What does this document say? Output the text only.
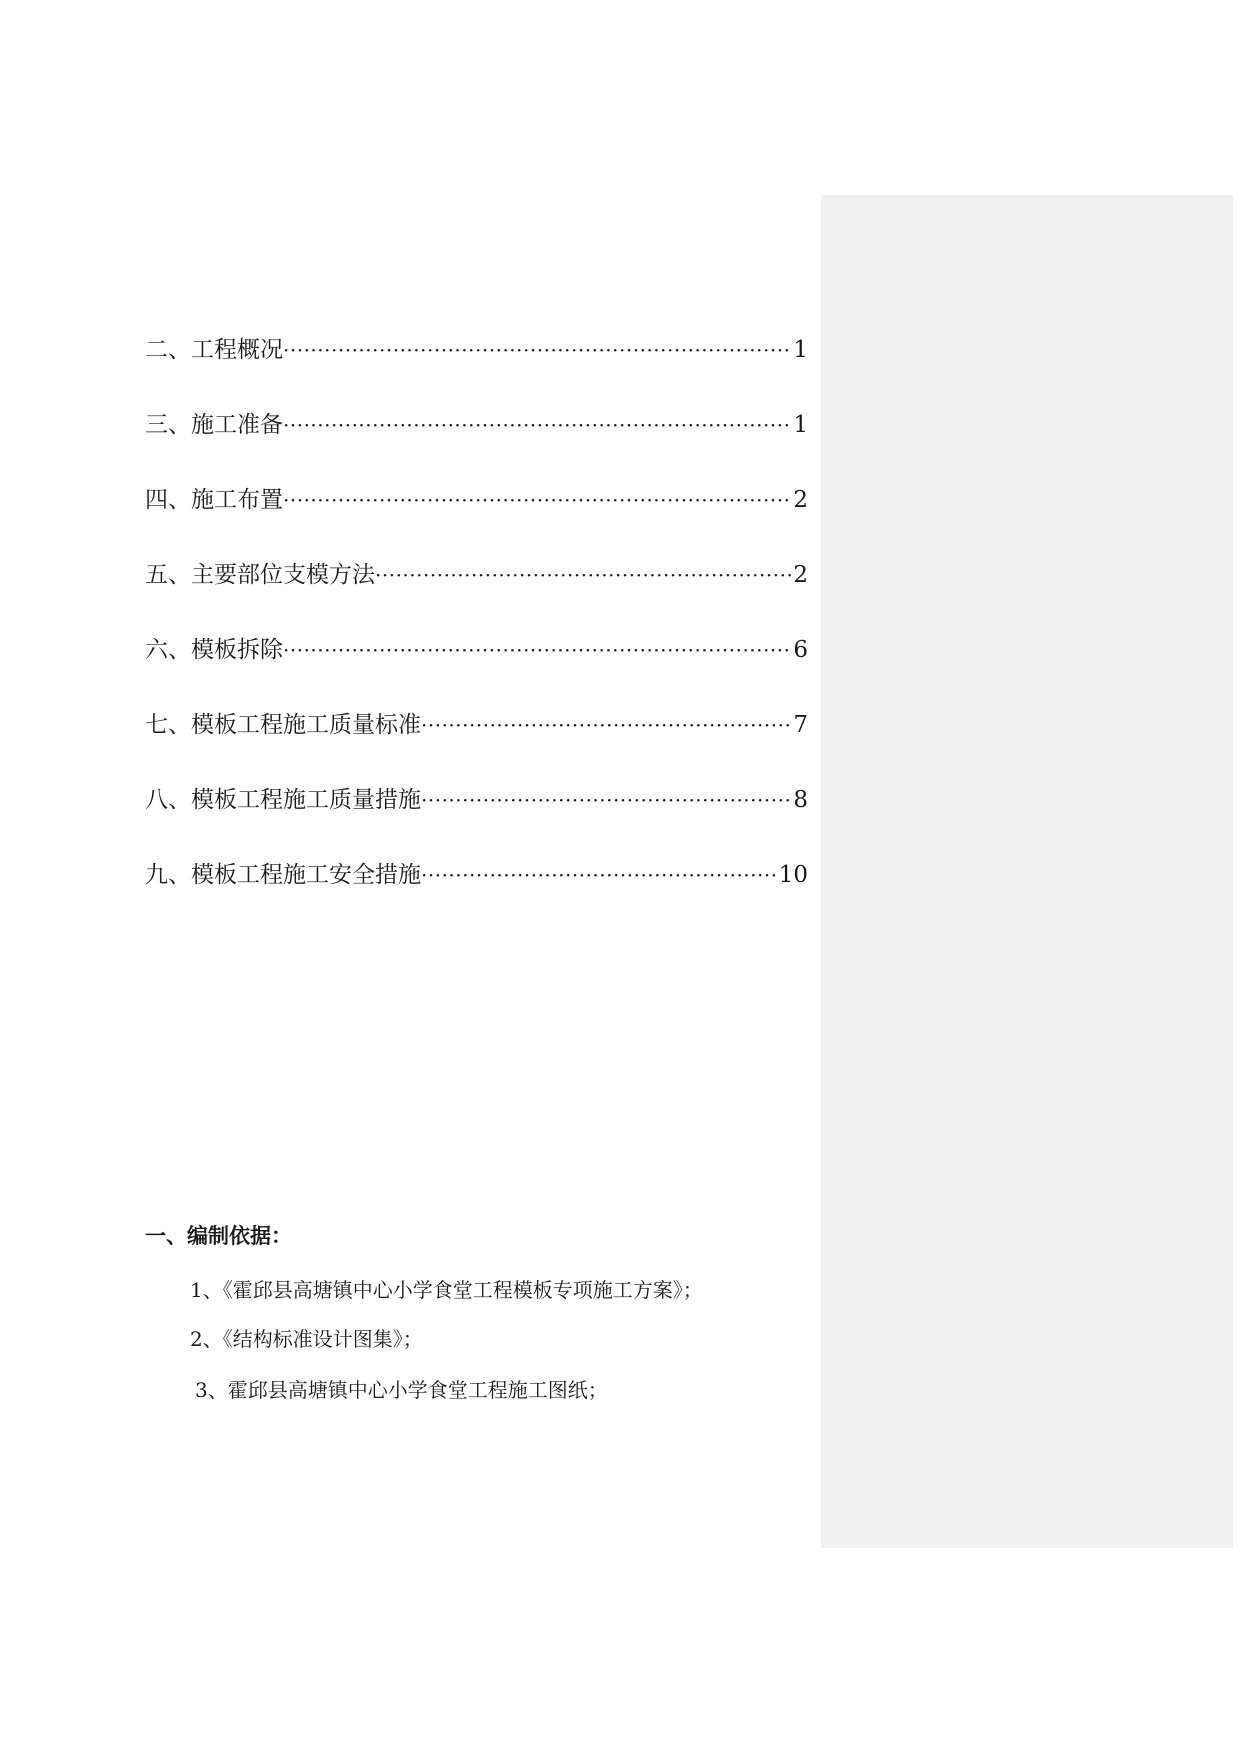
二、工程概况 ·····	1
三、施工准备 ·····	1
四、施工布置 ·····	2
五、主要部位支模方法 ·····	2
六、模板拆除 ·····	6
七、模板工程施工质量标准 ·····	7
八、模板工程施工质量措施 ·····	8
九、模板工程施工安全措施 ·····	10
一、编制依据：
1、《霍邱县高塘镇中心小学食堂工程模板专项施工方案》；
2、《结构标准设计图集》；
3、霍邱县高塘镇中心小学食堂工程施工图纸；
